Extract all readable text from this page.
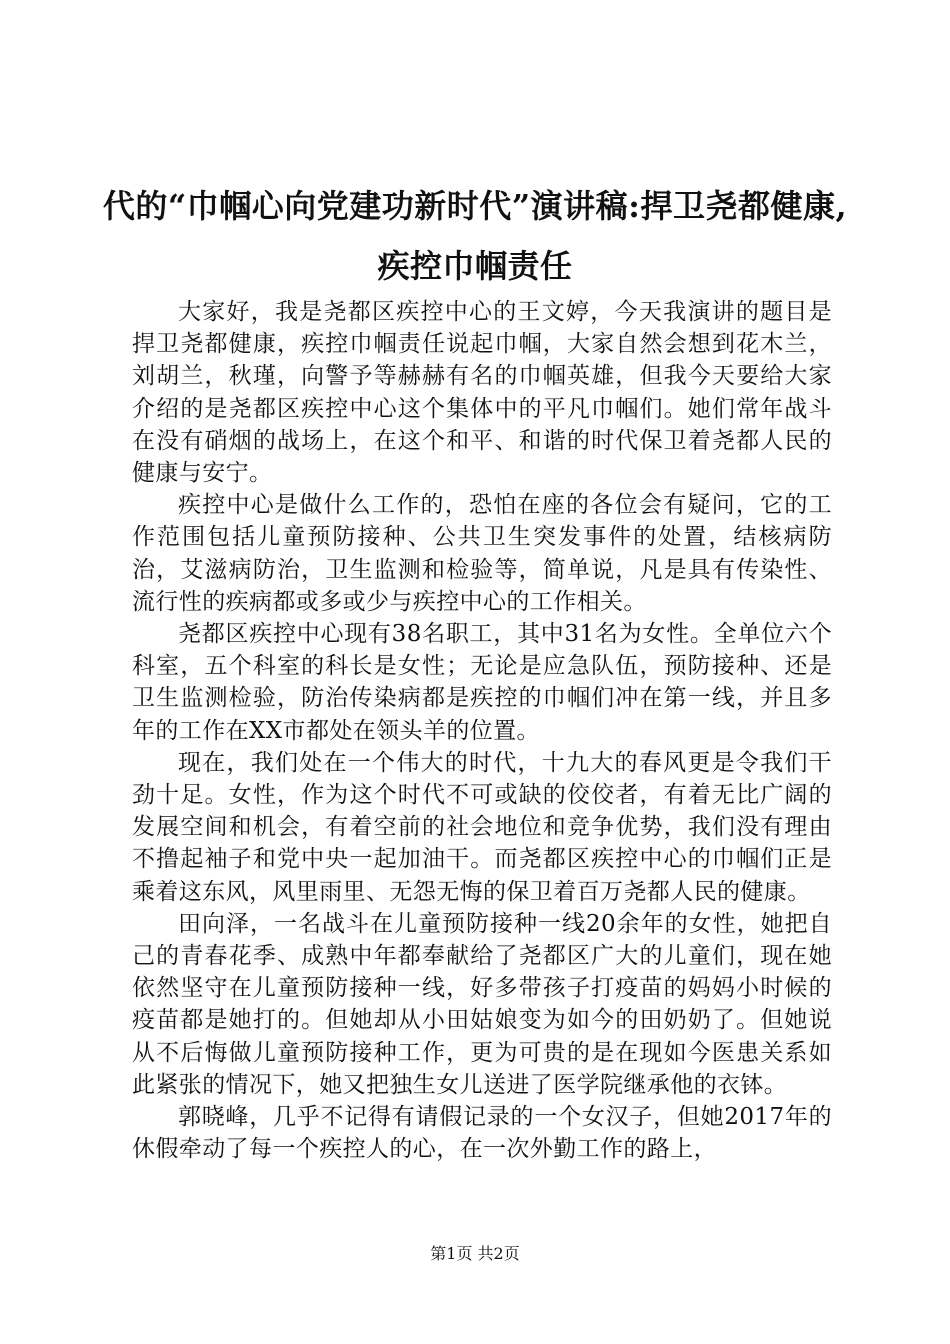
代的“巾帼心向党建功新时代”演讲稿:捍卫尧都健康,疾控巾帼责任

大家好，我是尧都区疾控中心的王文婷，今天我演讲的题目是捍卫尧都健康，疾控巾帼责任说起巾帼，大家自然会想到花木兰，刘胡兰，秋瑾，向警予等赫赫有名的巾帼英雄，但我今天要给大家介绍的是尧都区疾控中心这个集体中的平凡巾帼们。她们常年战斗在没有硝烟的战场上，在这个和平、和谐的时代保卫着尧都人民的健康与安宁。

疾控中心是做什么工作的，恐怕在座的各位会有疑问，它的工作范围包括儿童预防接种、公共卫生突发事件的处置，结核病防治，艾滋病防治，卫生监测和检验等，简单说，凡是具有传染性、流行性的疾病都或多或少与疾控中心的工作相关。

尧都区疾控中心现有38名职工，其中31名为女性。全单位六个科室，五个科室的科长是女性；无论是应急队伍，预防接种、还是卫生监测检验，防治传染病都是疾控的巾帼们冲在第一线，并且多年的工作在XX市都处在领头羊的位置。

现在，我们处在一个伟大的时代，十九大的春风更是令我们干劲十足。女性，作为这个时代不可或缺的佼佼者，有着无比广阔的发展空间和机会，有着空前的社会地位和竞争优势，我们没有理由不撸起袖子和党中央一起加油干。而尧都区疾控中心的巾帼们正是乘着这东风，风里雨里、无怨无悔的保卫着百万尧都人民的健康。

田向泽，一名战斗在儿童预防接种一线20余年的女性，她把自己的青春花季、成熟中年都奉献给了尧都区广大的儿童们，现在她依然坚守在儿童预防接种一线，好多带孩子打疫苗的妈妈小时候的疫苗都是她打的。但她却从小田姑娘变为如今的田奶奶了。但她说从不后悔做儿童预防接种工作，更为可贵的是在现如今医患关系如此紧张的情况下，她又把独生女儿送进了医学院继承他的衣钵。

郭晓峰，几乎不记得有请假记录的一个女汉子，但她2017年的休假牵动了每一个疾控人的心，在一次外勤工作的路上，

第1页 共2页
